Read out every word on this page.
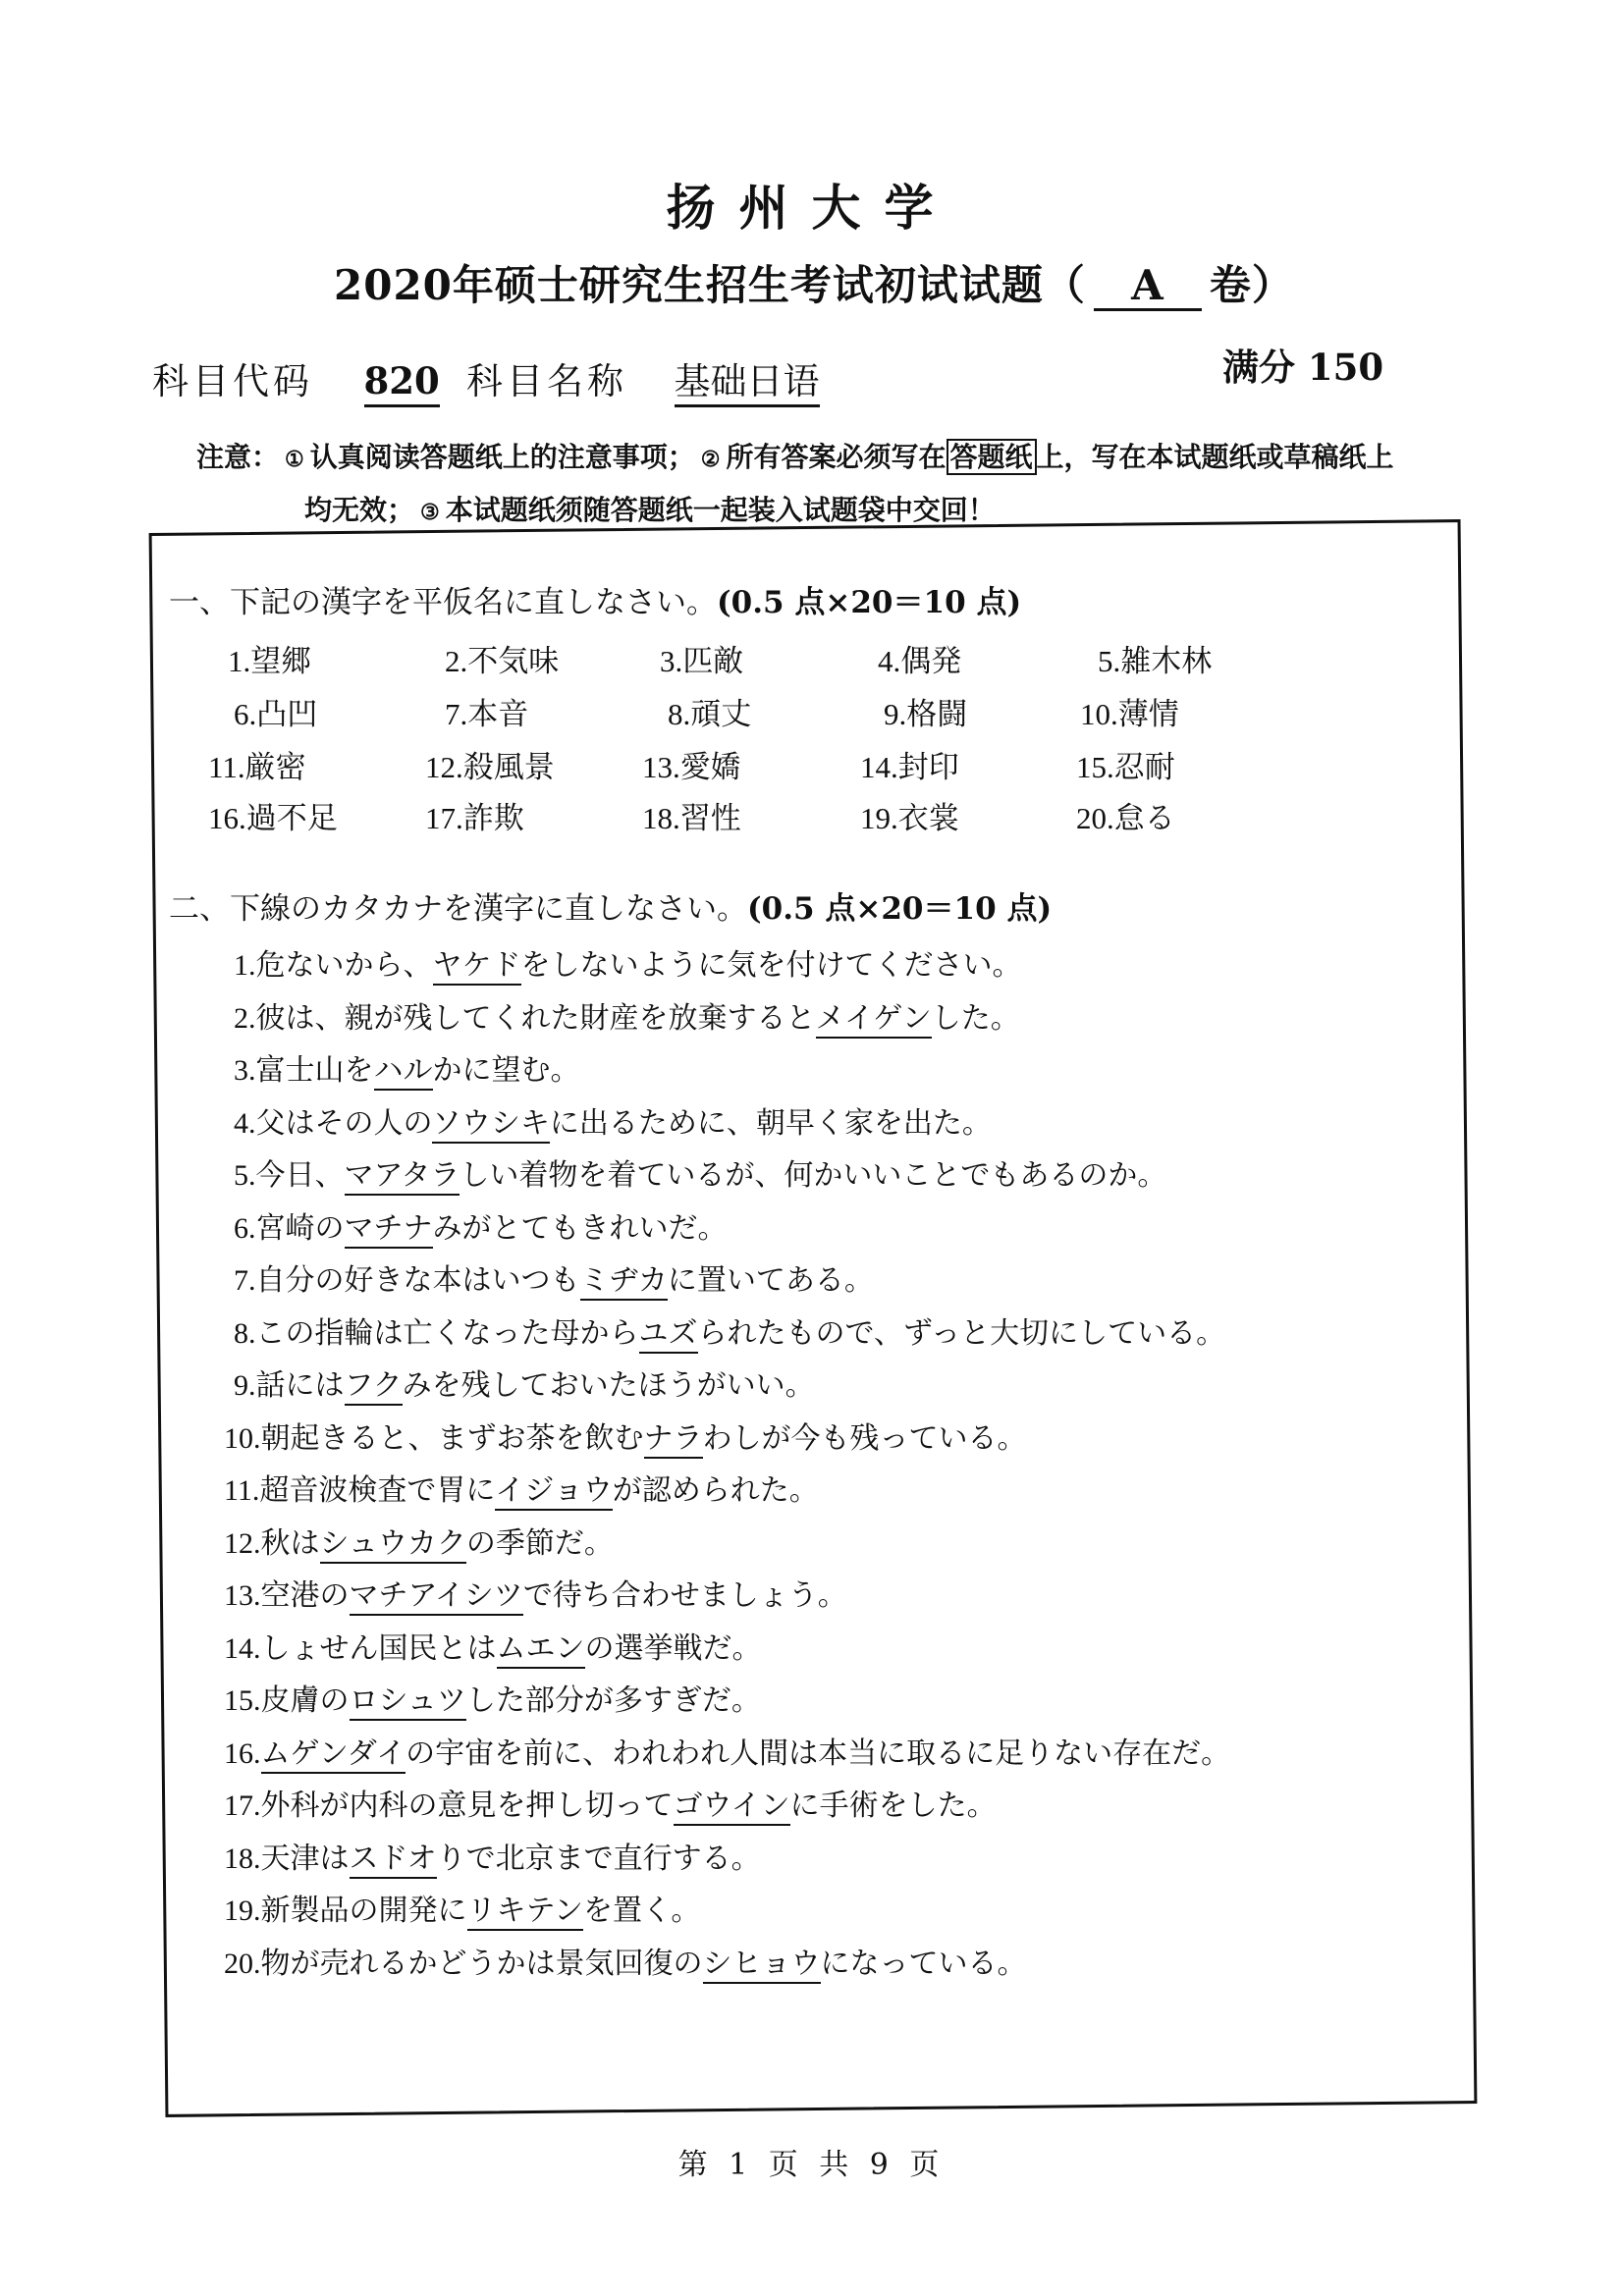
扬州大学
2020年硕士研究生招生考试初试试题（ A 卷）
科目代码 820 科目名称 基础日语	满分 150
注意： ① 认真阅读答题纸上的注意事项； ② 所有答案必须写在 答题纸 上，写在本试题纸或草稿纸上
均无效； ③ 本试题纸须随答题纸一起装入试题袋中交回！
一、下記の漢字を平仮名に直しなさい。(0.5 点×20＝10 点)
1.望郷	2.不気味	3.匹敵	4.偶発	5.雑木林
6.凸凹	7.本音	8.頑丈	9.格闘	10.薄情
11.厳密	12.殺風景	13.愛嬌	14.封印	15.忍耐
16.過不足	17.詐欺	18.習性	19.衣裳	20.怠る
二、下線のカタカナを漢字に直しなさい。(0.5 点×20＝10 点)
1.危ないから、ヤケドをしないように気を付けてください。
2.彼は、親が残してくれた財産を放棄するとメイゲンした。
3.富士山をハルかに望む。
4.父はその人のソウシキに出るために、朝早く家を出た。
5.今日、マアタラしい着物を着ているが、何かいいことでもあるのか。
6.宮崎のマチナみがとてもきれいだ。
7.自分の好きな本はいつもミヂカに置いてある。
8.この指輪は亡くなった母からユズられたもので、ずっと大切にしている。
9.話にはフクみを残しておいたほうがいい。
10.朝起きると、まずお茶を飲むナラわしが今も残っている。
11.超音波検査で胃にイジョウが認められた。
12.秋はシュウカクの季節だ。
13.空港のマチアイシツで待ち合わせましょう。
14.しょせん国民とはムエンの選挙戦だ。
15.皮膚のロシュツした部分が多すぎだ。
16.ムゲンダイの宇宙を前に、われわれ人間は本当に取るに足りない存在だ。
17.外科が内科の意見を押し切ってゴウインに手術をした。
18.天津はスドオりで北京まで直行する。
19.新製品の開発にリキテンを置く。
20.物が売れるかどうかは景気回復のシヒョウになっている。
第 1 页 共 9 页
